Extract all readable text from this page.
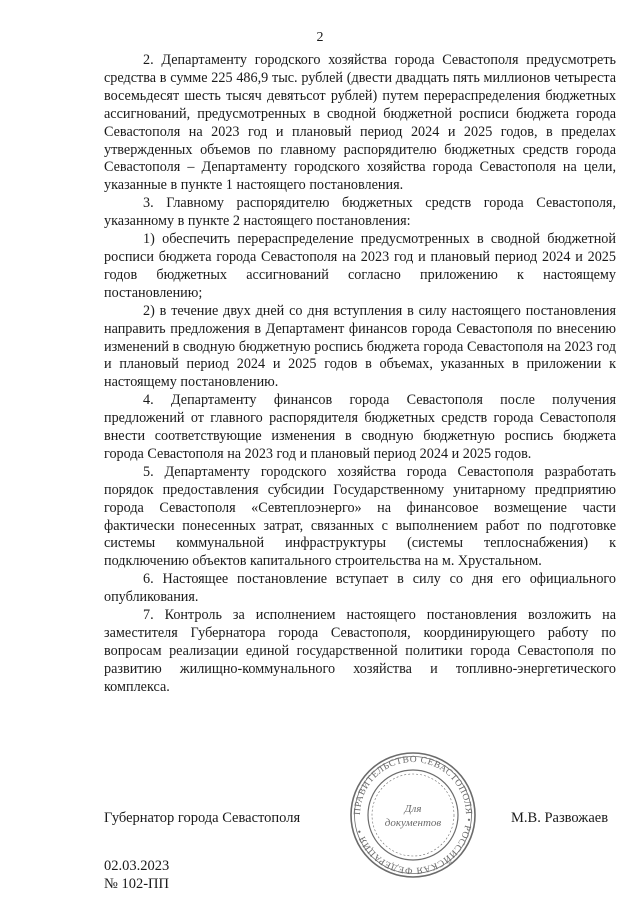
2

2. Департаменту городского хозяйства города Севастополя предусмотреть средства в сумме 225 486,9 тыс. рублей (двести двадцать пять миллионов четыреста восемьдесят шесть тысяч девятьсот рублей) путем перераспределения бюджетных ассигнований, предусмотренных в сводной бюджетной росписи бюджета города Севастополя на 2023 год и плановый период 2024 и 2025 годов, в пределах утвержденных объемов по главному распорядителю бюджетных средств города Севастополя – Департаменту городского хозяйства города Севастополя на цели, указанные в пункте 1 настоящего постановления.

3. Главному распорядителю бюджетных средств города Севастополя, указанному в пункте 2 настоящего постановления:

1) обеспечить перераспределение предусмотренных в сводной бюджетной росписи бюджета города Севастополя на 2023 год и плановый период 2024 и 2025 годов бюджетных ассигнований согласно приложению к настоящему постановлению;

2) в течение двух дней со дня вступления в силу настоящего постановления направить предложения в Департамент финансов города Севастополя по внесению изменений в сводную бюджетную роспись бюджета города Севастополя на 2023 год и плановый период 2024 и 2025 годов в объемах, указанных в приложении к настоящему постановлению.

4. Департаменту финансов города Севастополя после получения предложений от главного распорядителя бюджетных средств города Севастополя внести соответствующие изменения в сводную бюджетную роспись бюджета города Севастополя на 2023 год и плановый период 2024 и 2025 годов.

5. Департаменту городского хозяйства города Севастополя разработать порядок предоставления субсидии Государственному унитарному предприятию города Севастополя «Севтеплоэнерго» на финансовое возмещение части фактически понесенных затрат, связанных с выполнением работ по подготовке системы коммунальной инфраструктуры (системы теплоснабжения) к подключению объектов капитального строительства на м. Хрустальном.

6. Настоящее постановление вступает в силу со дня его официального опубликования.

7. Контроль за исполнением настоящего постановления возложить на заместителя Губернатора города Севастополя, координирующего работу по вопросам реализации единой государственной политики города Севастополя по развитию жилищно-коммунального хозяйства и топливно-энергетического комплекса.

Губернатор города Севастополя	ПРАВИТЕЛЬСТВО СЕВАСТОПОЛЯ • РОССИЙСКАЯ ФЕДЕРАЦИЯ •
Для
документов	М.В. Развожаев
02.03.2023
№ 102-ПП
